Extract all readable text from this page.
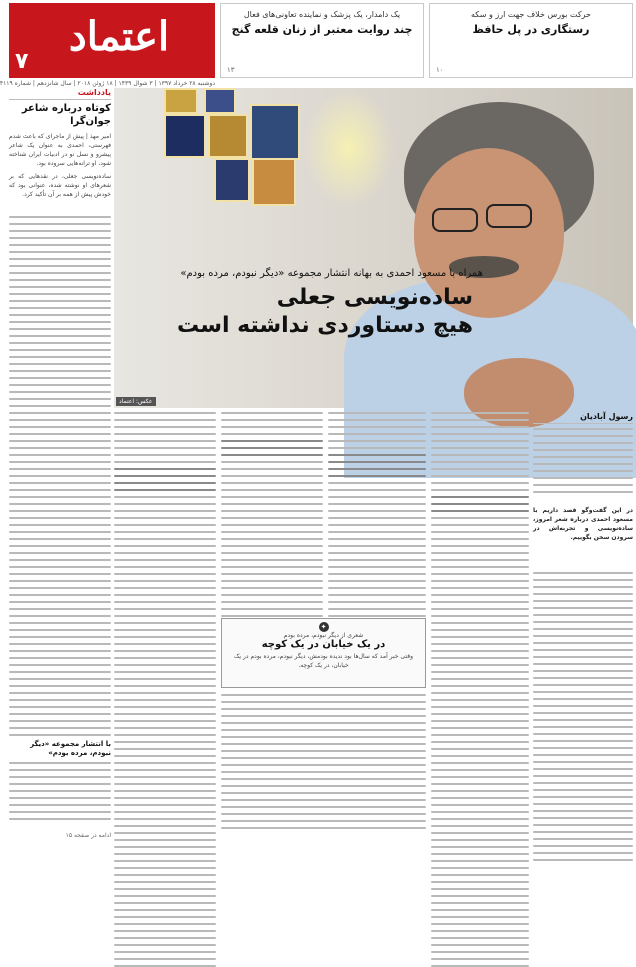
حرکت بورس خلاف جهت ارز و سکه
رستگاری در پل حافظ
۱۰
یک دامدار، یک پزشک و نماینده تعاونی‌های فعال
چند روایت معتبر از زنان قلعه گنج
۱۳
اعتماد
۷
دوشنبه ۲۸ خرداد ۱۳۹۷ | ۳ شوال ۱۴۳۹ | ۱۸ ژوئن ۲۰۱۸ | سال شانزدهم | شماره ۴۱۱۹
یادداشت
کوتاه درباره شاعر جوان‌گرا

امیر مهذ | پیش از ماجرای که باعث شدم فهرستی، احمدی به عنوان یک شاعر پیشرو و نسل نو در ادبیات ایران شناخته شود، او ترانه‌هایی سروده بود.

ساده‌نویسی جعلی، در نقدهایی که بر شعرهای او نوشته شده، عنوانی بود که خودش پیش از همه بر آن تأکید کرد.

با انتشار مجموعه «دیگر نبودم، مرده بودم»
ادامه در صفحه ۱۵
همراه با مسعود احمدی به بهانه انتشار مجموعه «دیگر نبودم، مرده بودم»
ساده‌نویسی جعلی
هیچ دستاوردی نداشته است
عکس: اعتماد
رسول آبادیان
در این گفت‌وگو قصد داریم با مسعود احمدی درباره شعر امروز، ساده‌نویسی و تجربه‌اش در سرودن سخن بگوییم.
✦
شعری از دیگر نبودم، مرده بودم
در یک خیابان در یک کوچه
وقتی خبر آمد که سال‌ها بود ندیده بودمش، دیگر نبودم، مرده بودم در یک خیابان، در یک کوچه.
